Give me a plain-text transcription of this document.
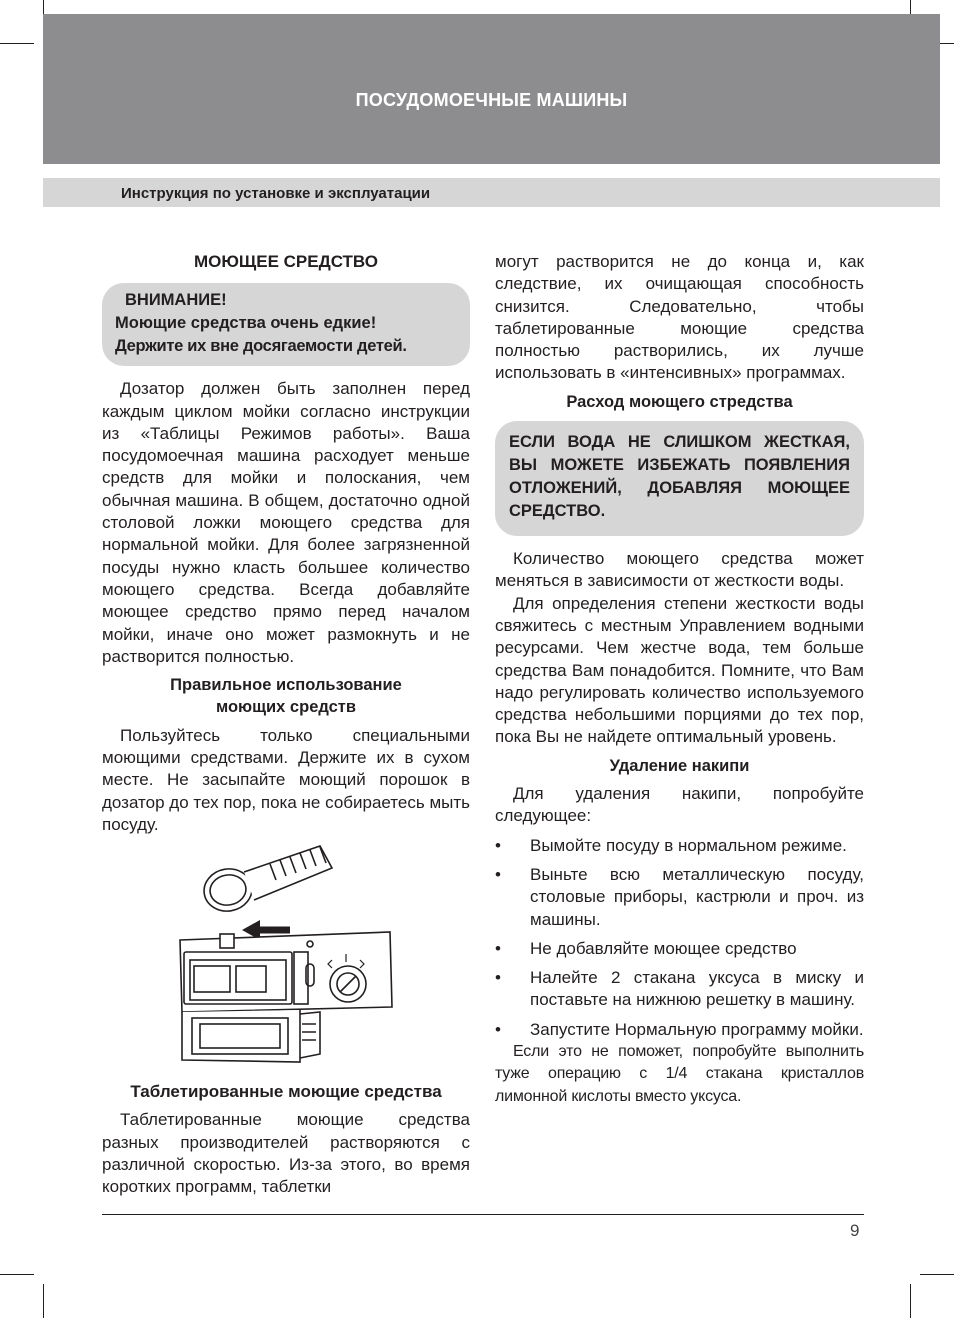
ПОСУДОМОЕЧНЫЕ МАШИНЫ
Инструкция по установке и эксплуатации
МОЮЩЕЕ СРЕДСТВО
ВНИМАНИЕ!
Моющие средства очень едкие!
Держите их вне досягаемости детей.

Дозатор должен быть заполнен перед каждым циклом мойки согласно инструкции из «Таблицы Режимов работы». Ваша посудомоечная машина расходует меньше средств для мойки и полоскания, чем обычная машина. В общем, достаточно одной столовой ложки моющего средства для нормальной мойки. Для более загрязненной посуды нужно класть большее количество моющего средства. Всегда добавляйте моющее средство прямо перед началом мойки, иначе оно может размокнуть и не растворится полностью.

Правильное использование
моющих средств

Пользуйтесь только специальными моющими средствами. Держите их в сухом месте. Не засыпайте моющий порошок в дозатор до тех пор, пока не собираетесь мыть посуду.

Таблетированные моющие средства

Таблетированные моющие средства разных производителей растворяются с различной скоростью. Из-за этого, во время коротких программ, таблетки

могут растворится не до конца и, как следствие, их очищающая способность снизится. Следовательно, чтобы таблетированные моющие средства полностью растворились, их лучше использовать в «интенсивных» программах.

Расход моющего стредства
ЕСЛИ ВОДА НЕ СЛИШКОМ ЖЕСТКАЯ, ВЫ МОЖЕТЕ ИЗБЕЖАТЬ ПОЯВЛЕНИЯ ОТЛОЖЕНИЙ, ДОБАВЛЯЯ МОЮЩЕЕ СРЕДСТВО.

Количество моющего средства может меняться в зависимости от жесткости воды.

Для определения степени жесткости воды свяжитесь с местным Управлением водными ресурсами. Чем жестче вода, тем больше средства Вам понадобится. Помните, что Вам надо регулировать количество используемого средства небольшими порциями до тех пор, пока Вы не найдете оптимальный уровень.

Удаление накипи

Для удаления накипи, попробуйте следующее:

•	Вымойте посуду в нормальном режиме.
•	Выньте всю металлическую посуду, столовые приборы, кастрюли и проч. из машины.
•	Не добавляйте моющее средство
•	Налейте 2 стакана уксуса в миску и поставьте на нижнюю решетку в машину.
•	Запустите Нормальную программу мойки.

Если это не поможет, попробуйте выполнить туже операцию с 1/4 стакана кристаллов лимонной кислоты вместо уксуса.

9
